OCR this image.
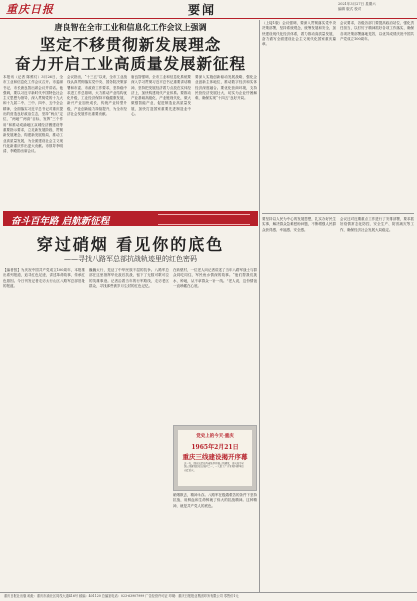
重庆日报	要闻	2021年3月27日 星期六
编辑 版式 校对
唐良智在全市工业和信息化工作会议上强调
坚定不移贯彻新发展理念
奋力开启工业高质量发展新征程
本报讯（记者 陈维灯）3月26日，全市工业和信息化工作会议召开。市委副书记、市长唐良智出席会议并讲话。他强调，要以习近平新时代中国特色社会主义思想为指导，深入贯彻党的十九大和十九届二中、三中、四中、五中全会精神，全面落实习近平总书记对重庆提出的营造良好政治生态，坚持“两点”定位、“两地”“两高”目标，发挥“三个作用”和推动成渝地区双城经济圈建设等重要指示要求，立足新发展阶段、贯彻新发展理念、构建新发展格局，推动工业高质量发展，为全面建设社会主义现代化新重庆作出更大贡献。市领导李明清、李殿勋出席会议。
会议指出，“十三五”以来，全市工业战线认真贯彻落实党中央、国务院决策部署和市委、市政府工作要求，坚持稳中求进工作总基调，大力推动产业结构优化升级，工业经济保持平稳健康发展，新兴产业加快成长，传统产业转型升级，产业创新能力持续提升，为全市经济社会发展作出重要贡献。
唐良智强调，全市工业和信息化系统要深入学习贯彻习近平总书记重要讲话精神，坚持把发展经济着力点放在实体经济上，加快构建现代产业体系。要推动产业基础高级化、产业链现代化，做大做强智能产业，促进制造业高质量发展，加快打造国家重要先进制造业中心。
要深入实施创新驱动发展战略，强化企业创新主体地位，推动数字经济和实体经济深度融合。要优化营商环境，支持民营经济发展壮大，切实为企业纾困解难，确保实现“十四五”良好开局。
奋斗百年路 启航新征程
穿过硝烟 看见你的底色
——寻找八路军总部抗战轨迹里的红色密码
【编者按】为庆祝中国共产党成立100周年，本报推出系列报道，追寻红色足迹，讲述革命故事，传承红色基因。今日刊发记者走访太行山区八路军总部旧址的报道。
巍巍太行，见证了中华民族不屈的抗争。八路军总部在这里指挥华北敌后抗战，留下了无数可歌可泣的英雄事迹。记者沿着当年的行军路线，走访老区群众，寻找那些被岁月尘封的红色记忆。
在砖壁村，一位老人向记者讲述了当年八路军战士与群众同吃同住、军民鱼水情深的故事。“他们帮我们挑水、种地，从不拿群众一针一线。”老人说，这份情谊一直珍藏在心底。
硝烟散去，精神永存。八路军在极端艰苦的条件下坚持抗战，用鲜血和生命铸就了伟大的抗战精神。这种精神，就是共产党人的底色。
党史上的今天·重庆
1965年2月21日
重庆三线建设揭开序幕
这一天，国家决定在西南地区开展三线建设，重庆成为全国三线建设的重点地区之一，一大批工厂企业和科研单位内迁重庆。
（上接1版）会议强调，要深入贯彻落实党中央决策部署，坚持系统观念，统筹发展和安全，加快建设现代化经济体系，着力推动高质量发展，奋力谱写全面建设社会主义现代化国家重庆篇章。
会议要求，各级各部门要提高政治站位，强化责任担当，以钉钉子精神抓好各项工作落实，确保各项决策部署落地见效，以优异成绩庆祝中国共产党成立100周年。
要坚持以人民为中心的发展思想，扎实办好民生实事，解决群众急难愁盼问题，不断增强人民群众获得感、幸福感、安全感。
会议还对近期重点工作进行了安排部署，要求抓好疫情常态化防控、安全生产、防汛减灾等工作，确保经济社会发展大局稳定。
重庆日报社出版 地址：重庆市渝北区同茂大道416号 邮编：401120 总编室电话：023-63907999 广告经营许可证 印刷：重庆日报报业集团印务有限公司 零售价1元
